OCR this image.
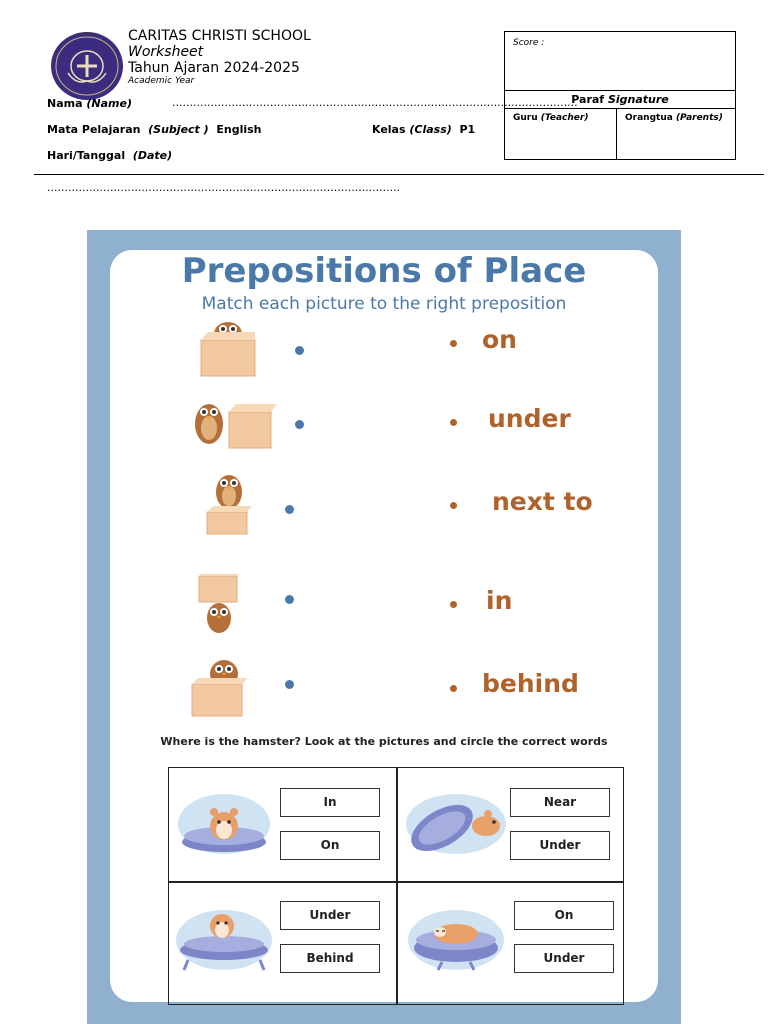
CARITAS CHRISTI SCHOOL
Worksheet
Tahun Ajaran 2024-2025
Academic Year
Nama (Name)	....................................................................................................................
Mata Pelajaran (Subject ) English	Kelas (Class) P1
Hari/Tanggal (Date)
.....................................................................................................
Score :
Paraf Signature
Guru (Teacher)	Orangtua (Parents)
Prepositions of Place
Match each picture to the right preposition
on
under
next to
in
behind
Where is the hamster? Look at the pictures and circle the correct words
In
On
Near
Under
Under
Behind
On
Under
